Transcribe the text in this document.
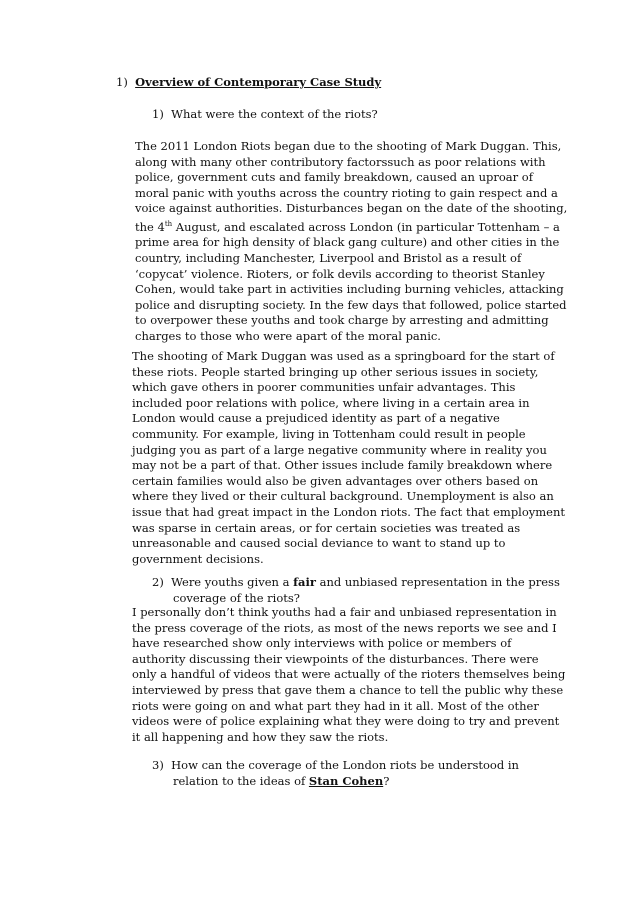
1) Overview of Contemporary Case Study
1) What were the context of the riots?
The 2011 London Riots began due to the shooting of Mark Duggan. This,
along with many other contributory factorssuch as poor relations with
police, government cuts and family breakdown, caused an uproar of
moral panic with youths across the country rioting to gain respect and a
voice against authorities. Disturbances began on the date of the shooting,
the 4th August, and escalated across London (in particular Tottenham – a
prime area for high density of black gang culture) and other cities in the
country, including Manchester, Liverpool and Bristol as a result of
‘copycat’ violence. Rioters, or folk devils according to theorist Stanley
Cohen, would take part in activities including burning vehicles, attacking
police and disrupting society. In the few days that followed, police started
to overpower these youths and took charge by arresting and admitting
charges to those who were apart of the moral panic.
The shooting of Mark Duggan was used as a springboard for the start of
these riots. People started bringing up other serious issues in society,
which gave others in poorer communities unfair advantages. This
included poor relations with police, where living in a certain area in
London would cause a prejudiced identity as part of a negative
community. For example, living in Tottenham could result in people
judging you as part of a large negative community where in reality you
may not be a part of that. Other issues include family breakdown where
certain families would also be given advantages over others based on
where they lived or their cultural background. Unemployment is also an
issue that had great impact in the London riots. The fact that employment
was sparse in certain areas, or for certain societies was treated as
unreasonable and caused social deviance to want to stand up to
government decisions.
2) Were youths given a fair and unbiased representation in the press
coverage of the riots?
I personally don’t think youths had a fair and unbiased representation in
the press coverage of the riots, as most of the news reports we see and I
have researched show only interviews with police or members of
authority discussing their viewpoints of the disturbances. There were
only a handful of videos that were actually of the rioters themselves being
interviewed by press that gave them a chance to tell the public why these
riots were going on and what part they had in it all. Most of the other
videos were of police explaining what they were doing to try and prevent
it all happening and how they saw the riots.
3) How can the coverage of the London riots be understood in
relation to the ideas of Stan Cohen?
